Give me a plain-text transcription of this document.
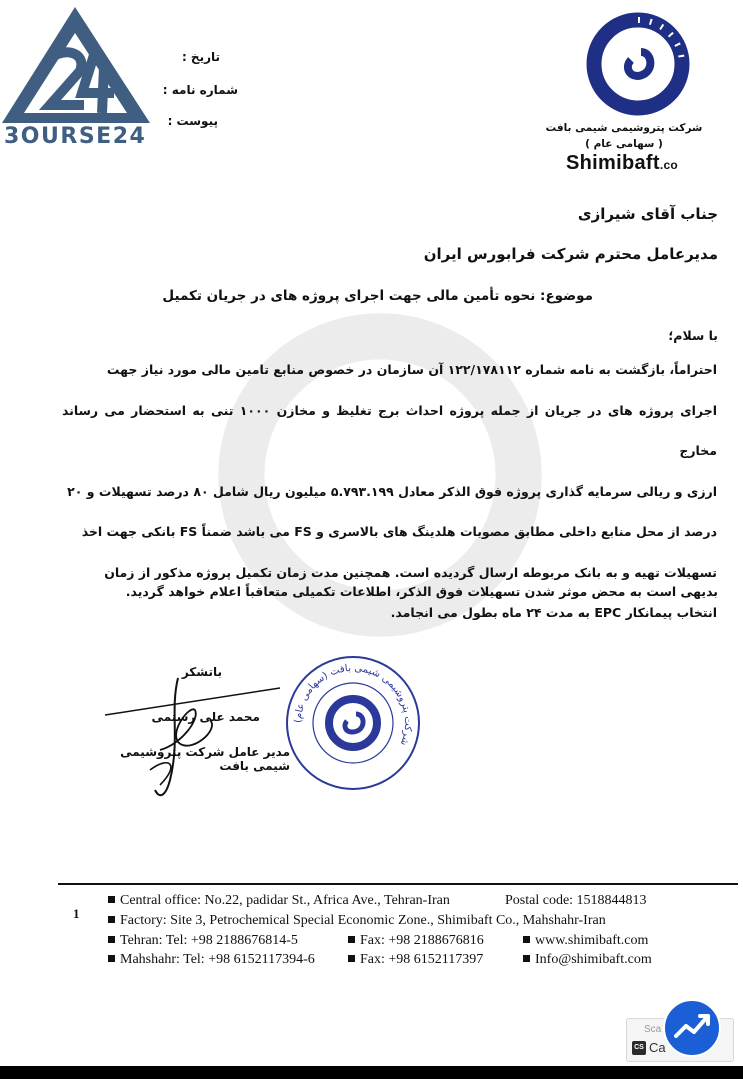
3OURSE24
تاریخ :
شماره نامه :
پیوست :	شرکت پتروشیمی شیمی بافت
( سهامی عام )
Shimibaft.co
جناب آقای شیرازی
مدیرعامل محترم شرکت فرابورس ایران
موضوع: نحوه تأمین مالی جهت اجرای پروژه های در جریان تکمیل
با سلام؛

احتراماً، بازگشت به نامه شماره ۱۲۲/۱۷۸۱۱۲ آن سازمان در خصوص منابع تامین مالی مورد نیاز جهت

اجرای پروژه های در جریان از جمله پروژه احداث برج تغلیظ و مخازن ۱۰۰۰ تنی به استحضار می رساند مخارج

ارزی و ریالی سرمایه گذاری پروژه فوق الذکر معادل ۵.۷۹۳.۱۹۹ میلیون ریال شامل ۸۰ درصد تسهیلات و ۲۰

درصد از محل منابع داخلی مطابق مصوبات هلدینگ های بالاسری و FS می باشد ضمناً FS بانکی جهت اخذ

تسهیلات تهیه و به بانک مربوطه ارسال گردیده است. همچنین مدت زمان تکمیل پروژه مذکور از زمان

انتخاب پیمانکار EPC به مدت ۲۴ ماه بطول می انجامد.

بدیهی است به محض موثر شدن تسهیلات فوق الذکر، اطلاعات تکمیلی متعاقباً اعلام خواهد گردید.
باتشکر
محمد علی رستمی
مدیر عامل شرکت پتروشیمی شیمی بافت
شرکت پتروشیمی شیمی بافت (سهامی عام)
1
Central office: No.22, padidar St., Africa Ave., Tehran-Iran	Postal code: 1518844813
Factory: Site 3, Petrochemical Special Economic Zone., Shimibaft Co., Mahshahr-Iran
Tehran: Tel: +98 2188676814-5	Fax: +98 2188676816	www.shimibaft.com
Mahshahr: Tel: +98 6152117394-6	Fax: +98 6152117397	Info@shimibaft.com
Sca
CS Ca
